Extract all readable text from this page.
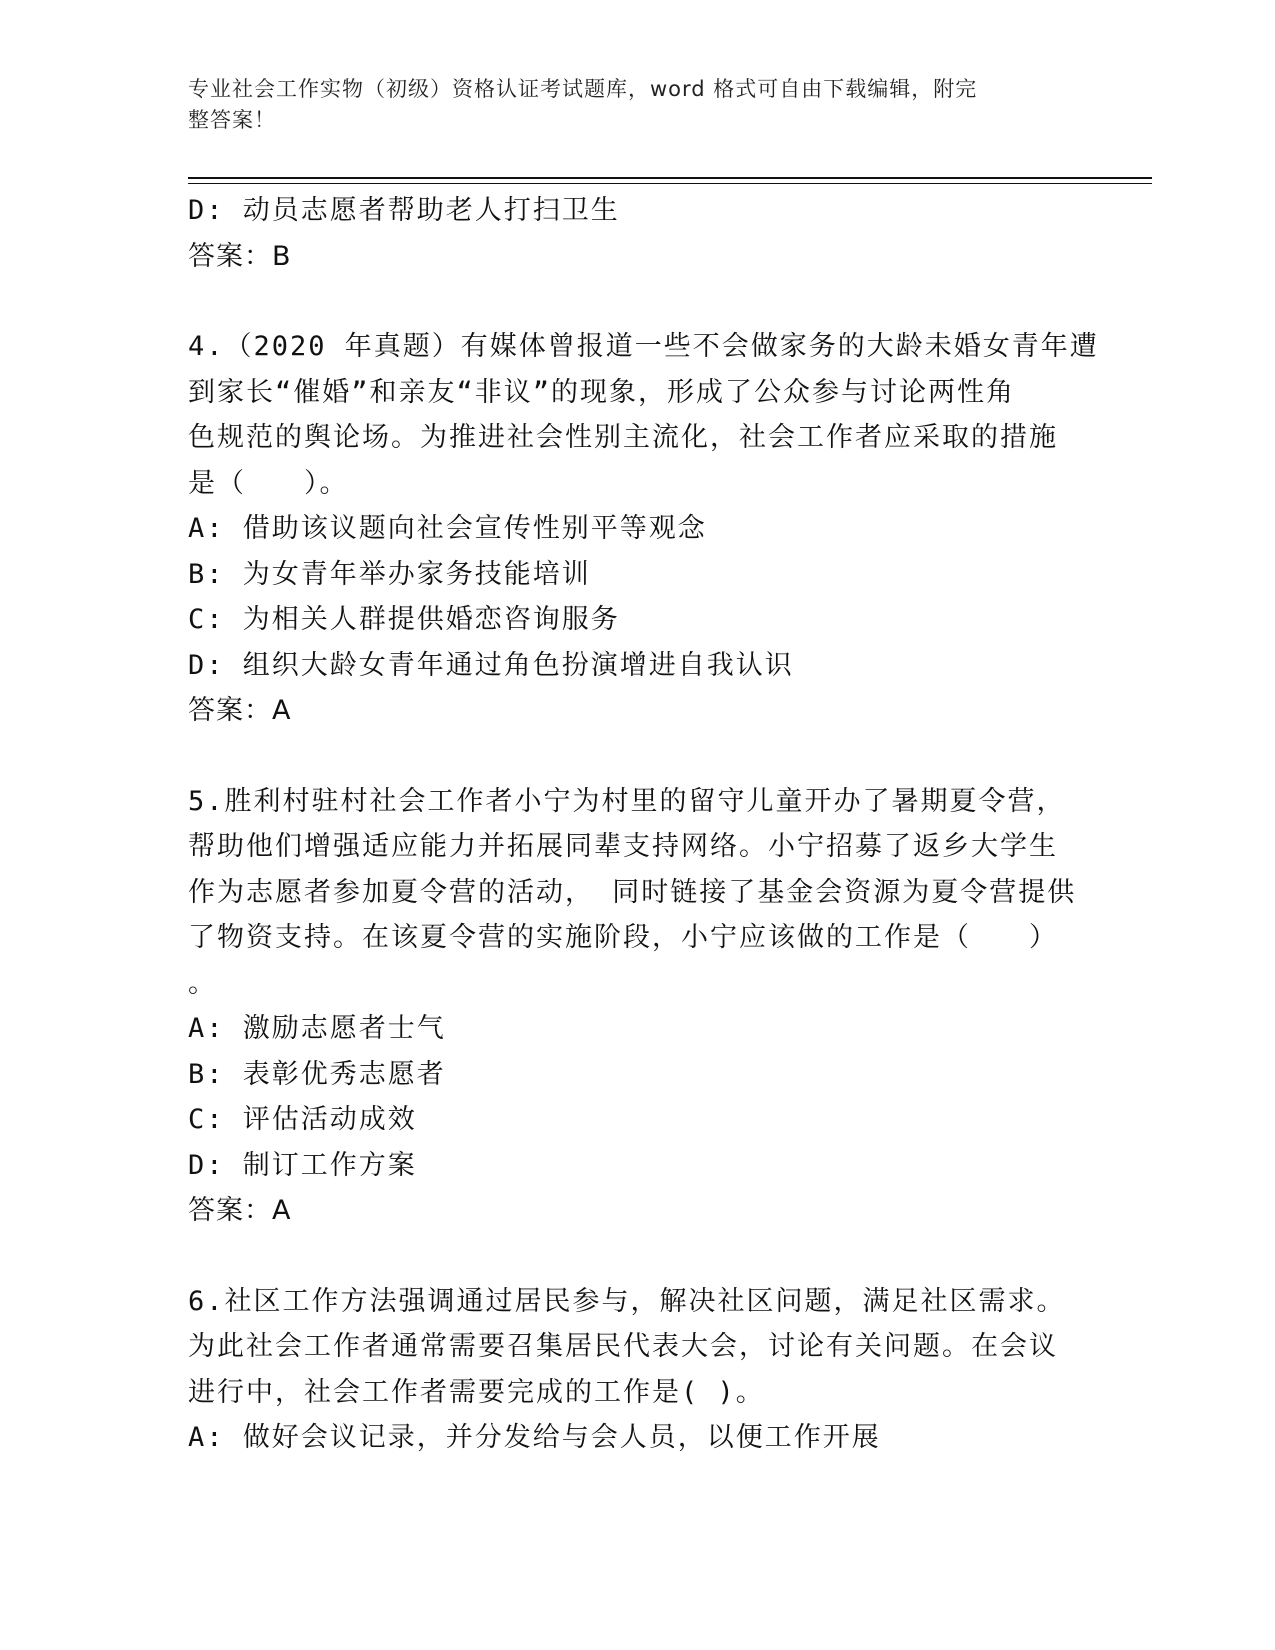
专业社会工作实物（初级）资格认证考试题库，word 格式可自由下载编辑，附完
整答案！
D: 动员志愿者帮助老人打扫卫生
答案：B
4.（2020 年真题）有媒体曾报道一些不会做家务的大龄未婚女青年遭
到家长“催婚”和亲友“非议”的现象，形成了公众参与讨论两性角
色规范的舆论场。为推进社会性别主流化，社会工作者应采取的措施
是（　　）。
A: 借助该议题向社会宣传性别平等观念
B: 为女青年举办家务技能培训
C: 为相关人群提供婚恋咨询服务
D: 组织大龄女青年通过角色扮演增进自我认识
答案：A
5.胜利村驻村社会工作者小宁为村里的留守儿童开办了暑期夏令营，
帮助他们增强适应能力并拓展同辈支持网络。小宁招募了返乡大学生
作为志愿者参加夏令营的活动， 同时链接了基金会资源为夏令营提供
了物资支持。在该夏令营的实施阶段，小宁应该做的工作是（　　）
。
A: 激励志愿者士气
B: 表彰优秀志愿者
C: 评估活动成效
D: 制订工作方案
答案：A
6.社区工作方法强调通过居民参与，解决社区问题，满足社区需求。
为此社会工作者通常需要召集居民代表大会，讨论有关问题。在会议
进行中，社会工作者需要完成的工作是( )。
A: 做好会议记录，并分发给与会人员，以便工作开展
